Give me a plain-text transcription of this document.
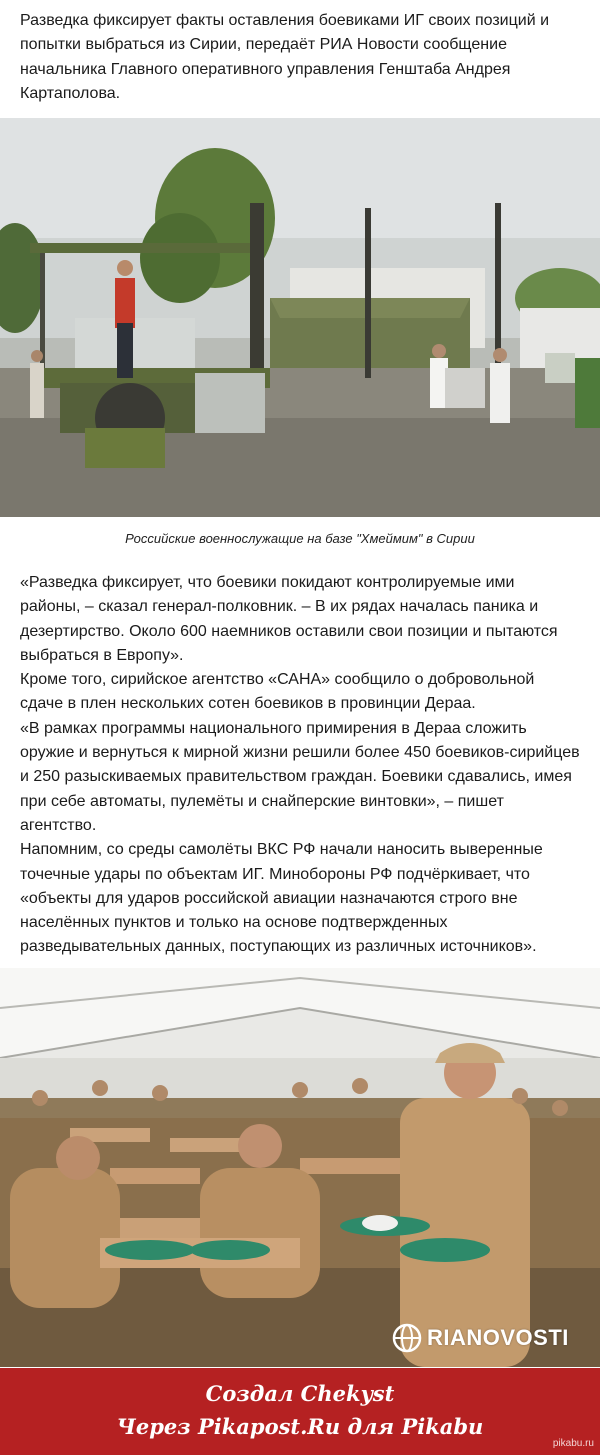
Разведка фиксирует факты оставления боевиками ИГ своих позиций и
попытки выбраться из Сирии, передаёт РИА Новости сообщение
начальника Главного оперативного управления Генштаба Андрея
Картаполова.

Российские военнослужащие на базе "Хмеймим" в Сирии

«Разведка фиксирует, что боевики покидают контролируемые ими
районы, – сказал генерал-полковник. – В их рядах началась паника и
дезертирство. Около 600 наемников оставили свои позиции и пытаются
выбраться в Европу».
Кроме того, сирийское агентство «САНА» сообщило о добровольной
сдаче в плен нескольких сотен боевиков в провинции Дераа.
«В рамках программы национального примирения в Дераа сложить
оружие и вернуться к мирной жизни решили более 450 боевиков-сирийцев
и 250 разыскиваемых правительством граждан. Боевики сдавались, имея
при себе автоматы, пулемёты и снайперские винтовки», – пишет
агентство.
Напомним, со среды самолёты ВКС РФ начали наносить выверенные
точечные удары по объектам ИГ. Минобороны РФ подчёркивает, что
«объекты для ударов российской авиации назначаются строго вне
населённых пунктов и только на основе подтвержденных
разведывательных данных, поступающих из различных источников».

RIANOVOSTI
Создал Chekyst
Через Pikapost.Ru для Pikabu
pikabu.ru
